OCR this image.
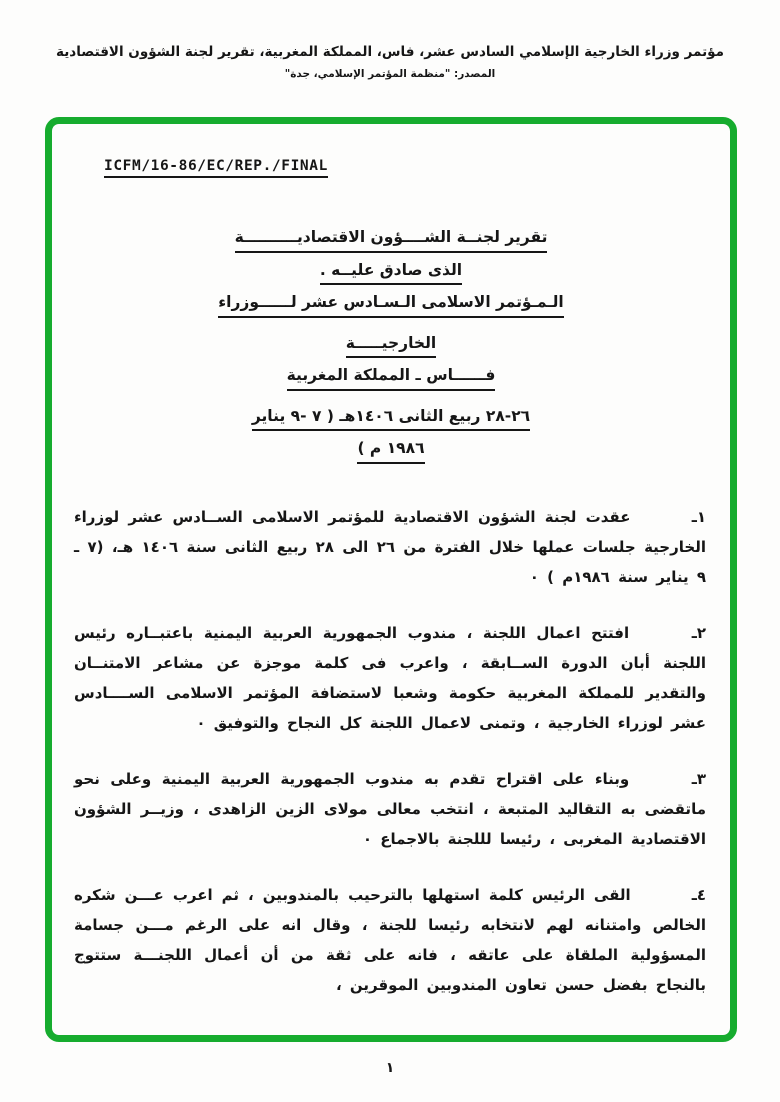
مؤتمر وزراء الخارجية الإسلامي السادس عشر، فاس، المملكة المغربية، تقرير لجنة الشؤون الاقتصادية
المصدر: "منظمة المؤتمر الإسلامي، جدة"
ICFM/16-86/EC/REP./FINAL
تقرير لجنــة الشــــؤون الاقتصاديــــــــــة
الذى صادق عليــه .
الـمـؤتمر الاسلامى الـسـادس عشر لــــــوزراء
الخارجيـــــة
فــــــاس ـ المملكة المغربية
٢٦-٢٨ ربيع الثانى ١٤٠٦هـ ( ٧ -٩ يناير
١٩٨٦ م )

١ـ عقدت لجنة الشؤون الاقتصادية للمؤتمر الاسلامى الســادس عشر لوزراء الخارجية جلسات عملها خلال الفترة من ٢٦ الى ٢٨ ربيع الثانى سنة ١٤٠٦ هـ، (٧ ـ ٩ يناير سنة ١٩٨٦م ) ٠

٢ـ افتتح اعمال اللجنة ، مندوب الجمهورية العربية اليمنية باعتبــاره رئيس اللجنة أبان الدورة الســابقة ، واعرب فى كلمة موجزة عن مشاعر الامتنــان والتقدير للمملكة المغربية حكومة وشعبا لاستضافة المؤتمر الاسلامى الســــادس عشر لوزراء الخارجية ، وتمنى لاعمال اللجنة كل النجاح والتوفيق ٠

٣ـ وبناء على اقتراح تقدم به مندوب الجمهورية العربية اليمنية وعلى نحو ماتقضى به التقاليد المتبعة ، انتخب معالى مولاى الزين الزاهدى ، وزيــر الشؤون الاقتصادية المغربى ، رئيسا لللجنة بالاجماع ٠

٤ـ القى الرئيس كلمة استهلها بالترحيب بالمندوبين ، ثم اعرب عـــن شكره الخالص وامتنانه لهم لانتخابه رئيسا للجنة ، وقال انه على الرغم مـــن جسامة المسؤولية الملقاة على عاتقه ، فانه على ثقة من أن أعمال اللجنـــة ستتوج بالنجاح بفضل حسن تعاون المندوبين الموقرين ،

١
